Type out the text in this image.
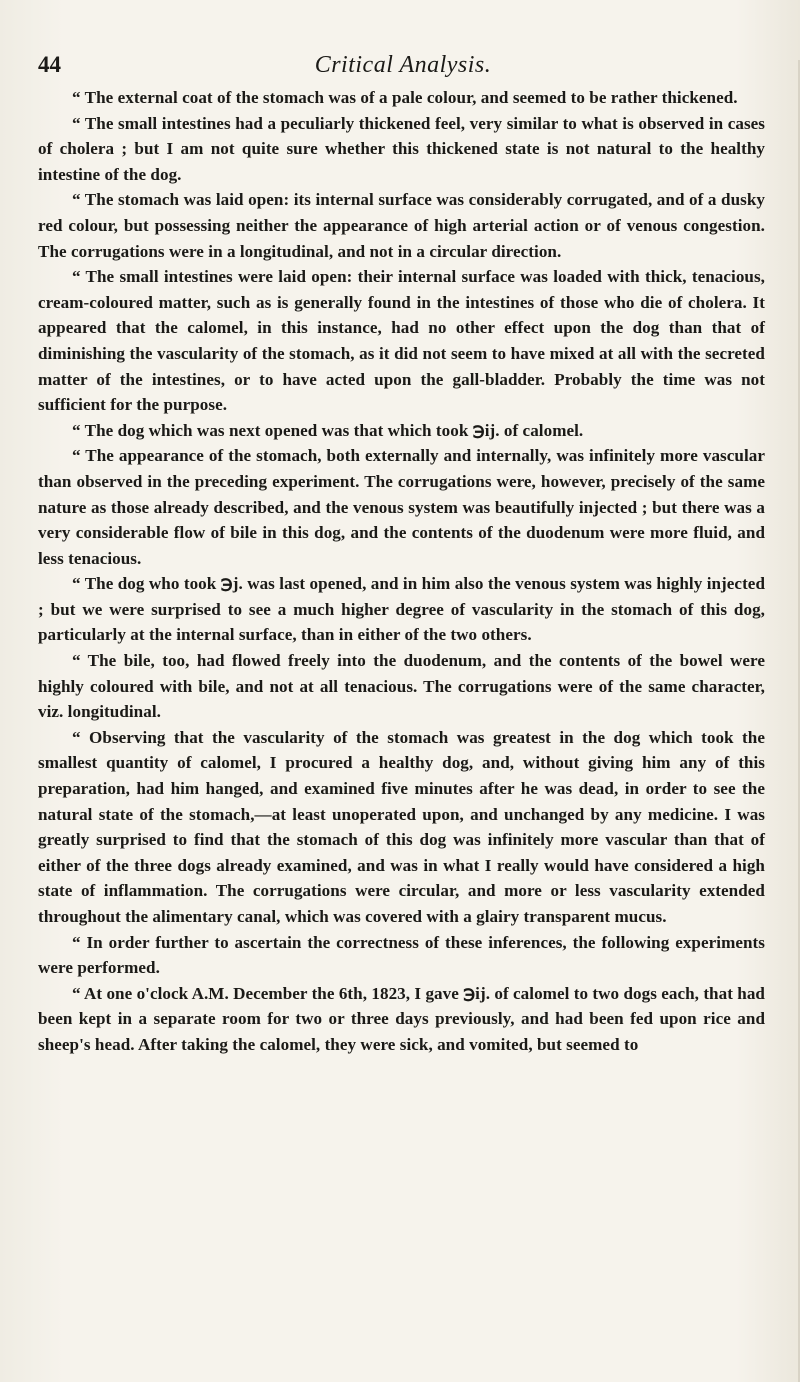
44	Critical Analysis.

“ The external coat of the stomach was of a pale colour, and seemed to be rather thickened.

“ The small intestines had a peculiarly thickened feel, very similar to what is observed in cases of cholera ; but I am not quite sure whether this thickened state is not natural to the healthy intestine of the dog.

“ The stomach was laid open: its internal surface was considerably corrugated, and of a dusky red colour, but possessing neither the appearance of high arterial action or of venous congestion. The corrugations were in a longitudinal, and not in a circular direction.

“ The small intestines were laid open: their internal surface was loaded with thick, tenacious, cream-coloured matter, such as is generally found in the intestines of those who die of cholera. It appeared that the calomel, in this instance, had no other effect upon the dog than that of diminishing the vascularity of the stomach, as it did not seem to have mixed at all with the secreted matter of the intestines, or to have acted upon the gall-bladder. Probably the time was not sufficient for the purpose.

“ The dog which was next opened was that which took ℈ij. of calomel.

“ The appearance of the stomach, both externally and internally, was infinitely more vascular than observed in the preceding experiment. The corrugations were, however, precisely of the same nature as those already described, and the venous system was beautifully injected ; but there was a very considerable flow of bile in this dog, and the contents of the duodenum were more fluid, and less tenacious.

“ The dog who took ℈j. was last opened, and in him also the venous system was highly injected ; but we were surprised to see a much higher degree of vascularity in the stomach of this dog, particularly at the internal surface, than in either of the two others.

“ The bile, too, had flowed freely into the duodenum, and the contents of the bowel were highly coloured with bile, and not at all tenacious. The corrugations were of the same character, viz. longitudinal.

“ Observing that the vascularity of the stomach was greatest in the dog which took the smallest quantity of calomel, I procured a healthy dog, and, without giving him any of this preparation, had him hanged, and examined five minutes after he was dead, in order to see the natural state of the stomach,—at least unoperated upon, and unchanged by any medicine. I was greatly surprised to find that the stomach of this dog was infinitely more vascular than that of either of the three dogs already examined, and was in what I really would have considered a high state of inflammation. The corrugations were circular, and more or less vascularity extended throughout the alimentary canal, which was covered with a glairy transparent mucus.

“ In order further to ascertain the correctness of these inferences, the following experiments were performed.

“ At one o'clock A.M. December the 6th, 1823, I gave ℈ij. of calomel to two dogs each, that had been kept in a separate room for two or three days previously, and had been fed upon rice and sheep's head. After taking the calomel, they were sick, and vomited, but seemed to
